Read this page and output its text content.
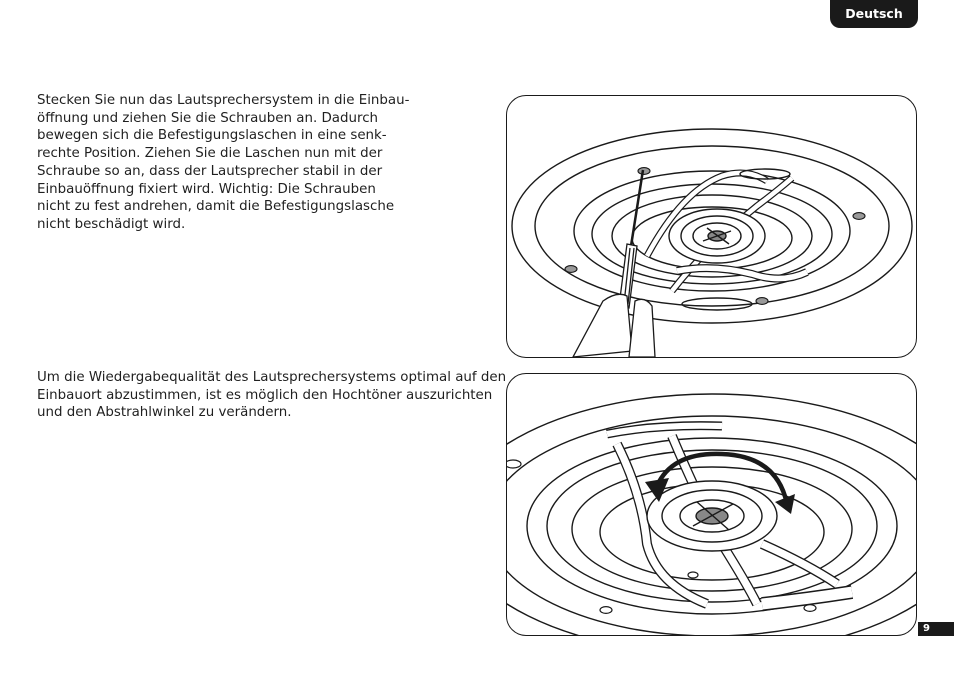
Deutsch

Stecken Sie nun das Lautsprechersystem in die Einbau-
öffnung und ziehen Sie die Schrauben an. Dadurch
bewegen sich die Befestigungslaschen in eine senk-
rechte Position. Ziehen Sie die Laschen nun mit der
Schraube so an, dass der Lautsprecher stabil in der
Einbauöffnung fixiert wird. Wichtig: Die Schrauben
nicht zu fest andrehen, damit die Befestigungslasche
nicht beschädigt wird.

Um die Wiedergabequalität des Lautsprechersystems optimal auf den
Einbauort abzustimmen, ist es möglich den Hochtöner auszurichten
und den Abstrahlwinkel zu verändern.

9
